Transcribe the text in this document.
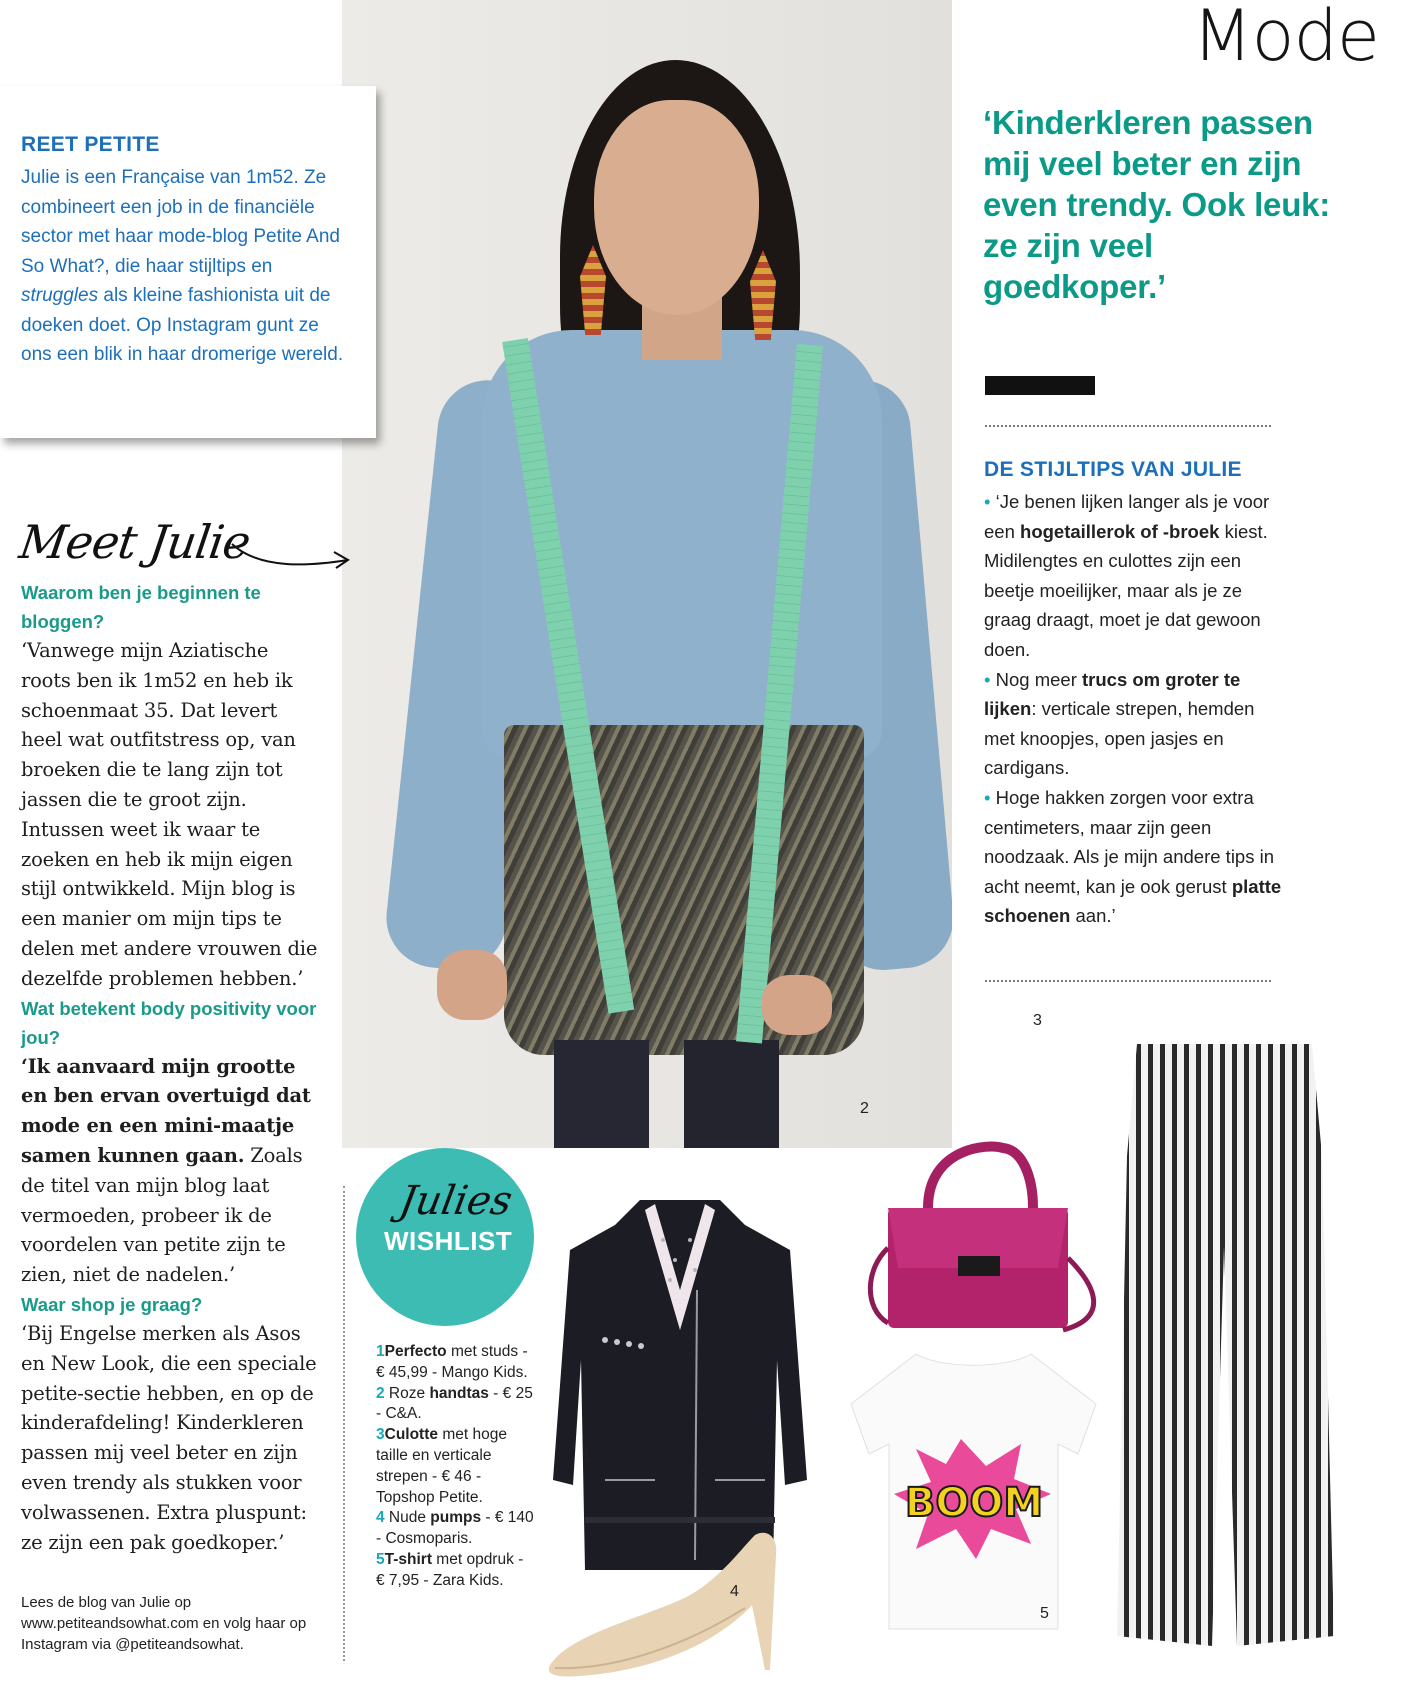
Mode
REET PETITE
Julie is een Française van 1m52. Ze combineert een job in de financiële sector met haar mode-blog Petite And So What?, die haar stijltips en struggles als kleine fashionista uit de doeken doet. Op Instagram gunt ze ons een blik in haar dromerige wereld.
Meet Julie
Waarom ben je beginnen te bloggen?
‘Vanwege mijn Aziatische roots ben ik 1m52 en heb ik schoenmaat 35. Dat levert heel wat outfitstress op, van broeken die te lang zijn tot jassen die te groot zijn. Intussen weet ik waar te zoeken en heb ik mijn eigen stijl ontwikkeld. Mijn blog is een manier om mijn tips te delen met andere vrouwen die dezelfde problemen hebben.’
Wat betekent body positivity voor jou?
‘Ik aanvaard mijn grootte en ben ervan overtuigd dat mode en een mini-maatje samen kunnen gaan. Zoals de titel van mijn blog laat vermoeden, probeer ik de voordelen van petite zijn te zien, niet de nadelen.’
Waar shop je graag?
‘Bij Engelse merken als Asos en New Look, die een speciale petite-sectie hebben, en op de kinderafdeling! Kinderkleren passen mij veel beter en zijn even trendy als stukken voor volwassenen. Extra pluspunt: ze zijn een pak goedkoper.’
Lees de blog van Julie op www.petiteandsowhat.com en volg haar op Instagram via @petiteandsowhat.
‘Kinderkleren passen mij veel beter en zijn even trendy. Ook leuk: ze zijn veel goedkoper.’
DE STIJLTIPS VAN JULIE
• ‘Je benen lijken langer als je voor een hogetaillerok of -broek kiest. Midilengtes en culottes zijn een beetje moeilijker, maar als je ze graag draagt, moet je dat gewoon doen.
• Nog meer trucs om groter te lijken: verticale strepen, hemden met knoopjes, open jasjes en cardigans.
• Hoge hakken zorgen voor extra centimeters, maar zijn geen noodzaak. Als je mijn andere tips in acht neemt, kan je ook gerust platte schoenen aan.’
Julies
WISHLIST
1Perfecto met studs - € 45,99 - Mango Kids.
2 Roze handtas - € 25 - C&A.
3Culotte met hoge taille en verticale strepen - € 46 - Topshop Petite.
4 Nude pumps - € 140 - Cosmoparis.
5T-shirt met opdruk - € 7,95 - Zara Kids.
1
2
3
4
BOOM
5
